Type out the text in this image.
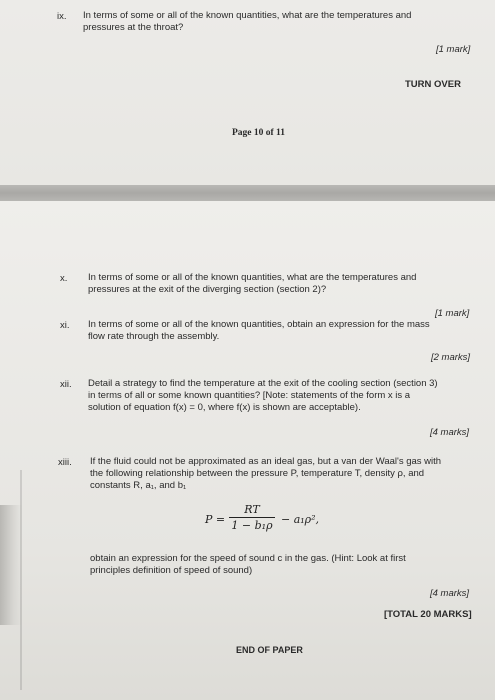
ix. In terms of some or all of the known quantities, what are the temperatures and
pressures at the throat?
[1 mark]
TURN OVER
Page 10 of 11
x. In terms of some or all of the known quantities, what are the temperatures and
pressures at the exit of the diverging section (section 2)?
[1 mark]
xi. In terms of some or all of the known quantities, obtain an expression for the mass
flow rate through the assembly.
[2 marks]
xii. Detail a strategy to find the temperature at the exit of the cooling section (section 3)
in terms of all or some known quantities? [Note: statements of the form x is a
solution of equation f(x) = 0, where f(x) is shown are acceptable).
[4 marks]
xiii. If the fluid could not be approximated as an ideal gas, but a van der Waal's gas with
the following relationship between the pressure P, temperature T, density ρ, and
constants R, a₁, and b₁
P =
RT
1 − b₁ρ − a₁ρ²,
obtain an expression for the speed of sound c in the gas. (Hint: Look at first
principles definition of speed of sound)
[4 marks]
[TOTAL 20 MARKS]
END OF PAPER
